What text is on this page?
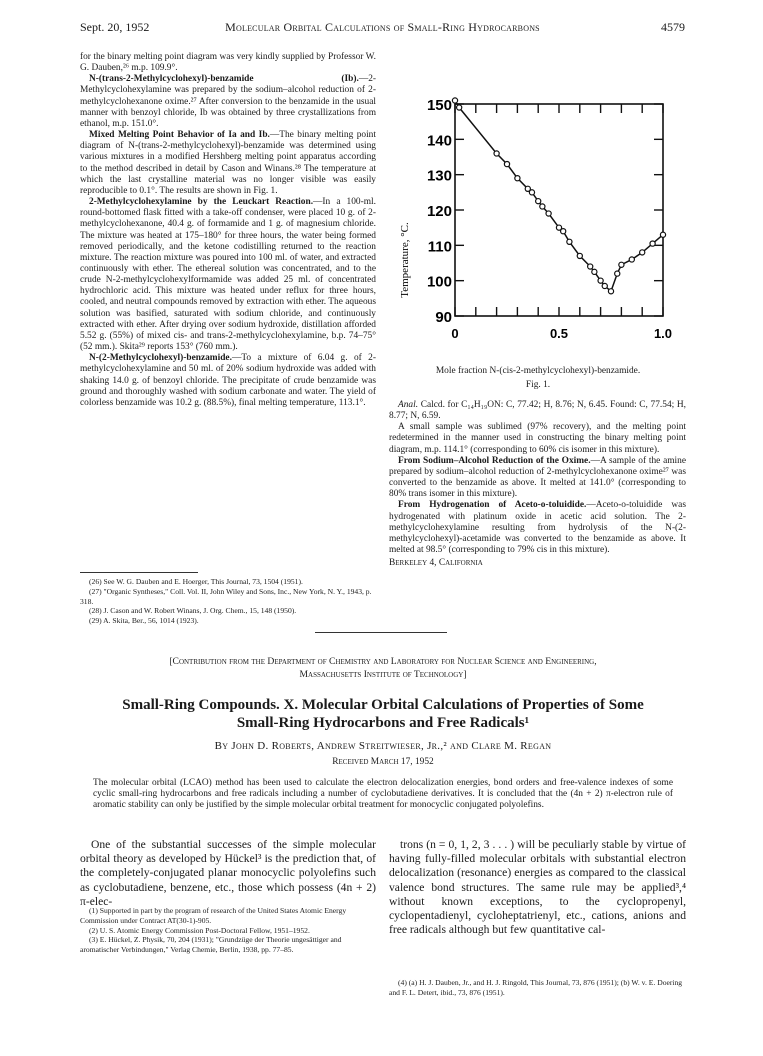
Sept. 20, 1952	Molecular Orbital Calculations of Small-Ring Hydrocarbons	4579

for the binary melting point diagram was very kindly supplied by Professor W. G. Dauben,²⁶ m.p. 109.9°.

N-(trans-2-Methylcyclohexyl)-benzamide (Ib).—2-Methylcyclohexylamine was prepared by the sodium–alcohol reduction of 2-methylcyclohexanone oxime.²⁷ After conversion to the benzamide in the usual manner with benzoyl chloride, Ib was obtained by three crystallizations from ethanol, m.p. 151.0°.

Mixed Melting Point Behavior of Ia and Ib.—The binary melting point diagram of N-(trans-2-methylcyclohexyl)-benzamide was determined using various mixtures in a modified Hershberg melting point apparatus according to the method described in detail by Cason and Winans.²⁸ The temperature at which the last crystalline material was no longer visible was easily reproducible to 0.1°. The results are shown in Fig. 1.

2-Methylcyclohexylamine by the Leuckart Reaction.—In a 100-ml. round-bottomed flask fitted with a take-off condenser, were placed 10 g. of 2-methylcyclohexanone, 40.4 g. of formamide and 1 g. of magnesium chloride. The mixture was heated at 175–180° for three hours, the water being formed removed periodically, and the ketone codistilling returned to the reaction mixture. The reaction mixture was poured into 100 ml. of water, and extracted continuously with ether. The ethereal solution was concentrated, and to the crude N-2-methylcyclohexylformamide was added 25 ml. of concentrated hydrochloric acid. This mixture was heated under reflux for three hours, cooled, and neutral compounds removed by extraction with ether. The aqueous solution was basified, saturated with sodium chloride, and continuously extracted with ether. After drying over sodium hydroxide, distillation afforded 5.52 g. (55%) of mixed cis- and trans-2-methylcyclohexylamine, b.p. 74–75° (52 mm.). Skita²⁹ reports 153° (760 mm.).

N-(2-Methylcyclohexyl)-benzamide.—To a mixture of 6.04 g. of 2-methylcyclohexylamine and 50 ml. of 20% sodium hydroxide was added with shaking 14.0 g. of benzoyl chloride. The precipitate of crude benzamide was ground and thoroughly washed with sodium carbonate and water. The yield of colorless benzamide was 10.2 g. (88.5%), final melting temperature, 113.1°.

(26) See W. G. Dauben and E. Hoerger, This Journal, 73, 1504 (1951).

(27) "Organic Syntheses," Coll. Vol. II, John Wiley and Sons, Inc., New York, N. Y., 1943, p. 318.

(28) J. Cason and W. Robert Winans, J. Org. Chem., 15, 148 (1950).

(29) A. Skita, Ber., 56, 1014 (1923).

90
100
110
120
130
140
150
0	0.5	1.0
Temperature, °C.
Mole fraction N-(cis-2-methylcyclohexyl)-benzamide.
Fig. 1.

Anal. Calcd. for C₁₄H₁₉ON: C, 77.42; H, 8.76; N, 6.45. Found: C, 77.54; H, 8.77; N, 6.59.

A small sample was sublimed (97% recovery), and the melting point redetermined in the manner used in constructing the binary melting point diagram, m.p. 114.1° (corresponding to 60% cis isomer in this mixture).

From Sodium–Alcohol Reduction of the Oxime.—A sample of the amine prepared by sodium–alcohol reduction of 2-methylcyclohexanone oxime²⁷ was converted to the benzamide as above. It melted at 141.0° (corresponding to 80% trans isomer in this mixture).

From Hydrogenation of Aceto-o-toluidide.—Aceto-o-toluidide was hydrogenated with platinum oxide in acetic acid solution. The 2-methylcyclohexylamine resulting from hydrolysis of the N-(2-methylcyclohexyl)-acetamide was converted to the benzamide as above. It melted at 98.5° (corresponding to 79% cis in this mixture).

Berkeley 4, California

[Contribution from the Department of Chemistry and Laboratory for Nuclear Science and Engineering,
Massachusetts Institute of Technology]
Small-Ring Compounds. X. Molecular Orbital Calculations of Properties of Some
Small-Ring Hydrocarbons and Free Radicals¹
By John D. Roberts, Andrew Streitwieser, Jr.,² and Clare M. Regan
Received March 17, 1952
The molecular orbital (LCAO) method has been used to calculate the electron delocalization energies, bond orders and free-valence indexes of some cyclic small-ring hydrocarbons and free radicals including a number of cyclobutadiene derivatives. It is concluded that the (4n + 2) π-electron rule of aromatic stability can only be justified by the simple molecular orbital treatment for monocyclic conjugated polyolefins.

One of the substantial successes of the simple molecular orbital theory as developed by Hückel³ is the prediction that, of the completely-conjugated planar monocyclic polyolefins such as cyclobutadiene, benzene, etc., those which possess (4n + 2) π-elec-

trons (n = 0, 1, 2, 3 . . . ) will be peculiarly stable by virtue of having fully-filled molecular orbitals with substantial electron delocalization (resonance) energies as compared to the classical valence bond structures. The same rule may be applied³,⁴ without known exceptions, to the cyclopropenyl, cyclopentadienyl, cycloheptatrienyl, etc., cations, anions and free radicals although but few quantitative cal-

(1) Supported in part by the program of research of the United States Atomic Energy Commission under Contract AT(30-1)-905.

(2) U. S. Atomic Energy Commission Post-Doctoral Fellow, 1951–1952.

(3) E. Hückel, Z. Physik, 70, 204 (1931); "Grundzüge der Theorie ungesättiger and aromatischer Verbindungen," Verlag Chemie, Berlin, 1938, pp. 77–85.

(4) (a) H. J. Dauben, Jr., and H. J. Ringold, This Journal, 73, 876 (1951); (b) W. v. E. Doering and F. L. Detert, ibid., 73, 876 (1951).
